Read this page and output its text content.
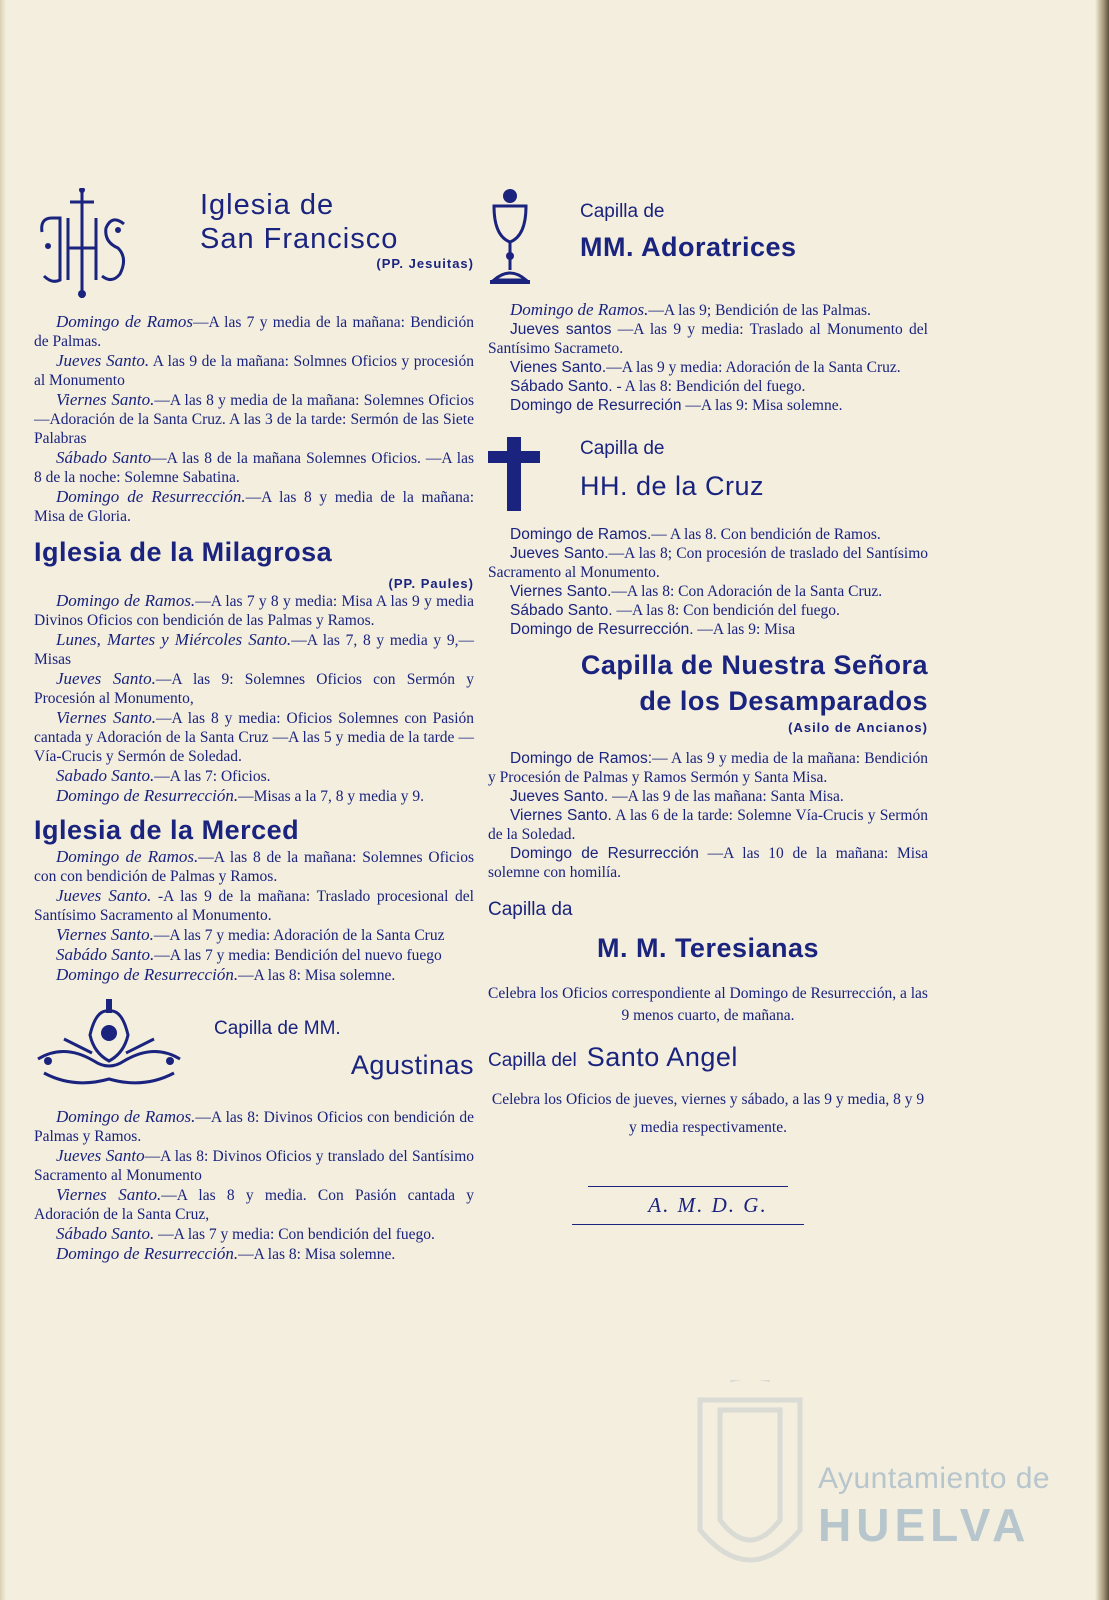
Iglesia de
San Francisco
(PP. Jesuitas)

Domingo de Ramos—A las 7 y media de la mañana: Bendición de Palmas.

Jueves Santo. A las 9 de la mañana: Solmnes Oficios y procesión al Monumento

Viernes Santo.—A las 8 y media de la mañana: Solemnes Oficios —Adoración de la Santa Cruz. A las 3 de la tarde: Sermón de las Siete Palabras

Sábado Santo—A las 8 de la mañana Solemnes Oficios. —A las 8 de la noche: Solemne Sabatina.

Domingo de Resurrección.—A las 8 y media de la mañana: Misa de Gloria.

Iglesia de la Milagrosa
(PP. Paules)

Domingo de Ramos.—A las 7 y 8 y media: Misa A las 9 y media Divinos Oficios con bendición de las Palmas y Ramos.

Lunes, Martes y Miércoles Santo.—A las 7, 8 y media y 9,—Misas

Jueves Santo.—A las 9: Solemnes Oficios con Sermón y Procesión al Monumento,

Viernes Santo.—A las 8 y media: Oficios Solemnes con Pasión cantada y Adoración de la Santa Cruz —A las 5 y media de la tarde —Vía-Crucis y Sermón de Soledad.

Sabado Santo.—A las 7: Oficios.

Domingo de Resurrección.—Misas a la 7, 8 y media y 9.

Iglesia de la Merced

Domingo de Ramos.—A las 8 de la mañana: Solemnes Oficios con con bendición de Palmas y Ramos.

Jueves Santo. -A las 9 de la mañana: Traslado procesional del Santísimo Sacramento al Monumento.

Viernes Santo.—A las 7 y media: Adoración de la Santa Cruz

Sabádo Santo.—A las 7 y media: Bendición del nuevo fuego

Domingo de Resurrección.—A las 8: Misa solemne.

Capilla de MM.
Agustinas

Domingo de Ramos.—A las 8: Divinos Oficios con bendición de Palmas y Ramos.

Jueves Santo—A las 8: Divinos Oficios y translado del Santísimo Sacramento al Monumento

Viernes Santo.—A las 8 y media. Con Pasión cantada y Adoración de la Santa Cruz,

Sábado Santo. —A las 7 y media: Con bendición del fuego.

Domingo de Resurrección.—A las 8: Misa solemne.

Capilla de
MM. Adoratrices

Domingo de Ramos.—A las 9; Bendición de las Palmas.

Jueves santos —A las 9 y media: Traslado al Monumento del Santísimo Sacrameto.

Vienes Santo.—A las 9 y media: Adoración de la Santa Cruz.

Sábado Santo. - A las 8: Bendición del fuego.

Domingo de Resurreción —A las 9: Misa solemne.

Capilla de
HH. de la Cruz

Domingo de Ramos.— A las 8. Con bendición de Ramos.

Jueves Santo.—A las 8; Con procesión de traslado del Santísimo Sacramento al Monumento.

Viernes Santo.—A las 8: Con Adoración de la Santa Cruz.

Sábado Santo. —A las 8: Con bendición del fuego.

Domingo de Resurrección. —A las 9: Misa

Capilla de Nuestra Señora
de los Desamparados
(Asilo de Ancianos)

Domingo de Ramos:— A las 9 y media de la mañana: Bendición y Procesión de Palmas y Ramos Sermón y Santa Misa.

Jueves Santo. —A las 9 de las mañana: Santa Misa.

Viernes Santo. A las 6 de la tarde: Solemne Vía-Crucis y Sermón de la Soledad.

Domingo de Resurrección —A las 10 de la mañana: Misa solemne con homilía.

Capilla da
M. M. Teresianas

Celebra los Oficios correspondiente al Domingo de Resurrección, a las 9 menos cuarto, de mañana.

Capilla del Santo Angel

Celebra los Oficios de jueves, viernes y sábado, a las 9 y media, 8 y 9 y media respectivamente.

A. M. D. G.
Ayuntamiento de
HUELVA
